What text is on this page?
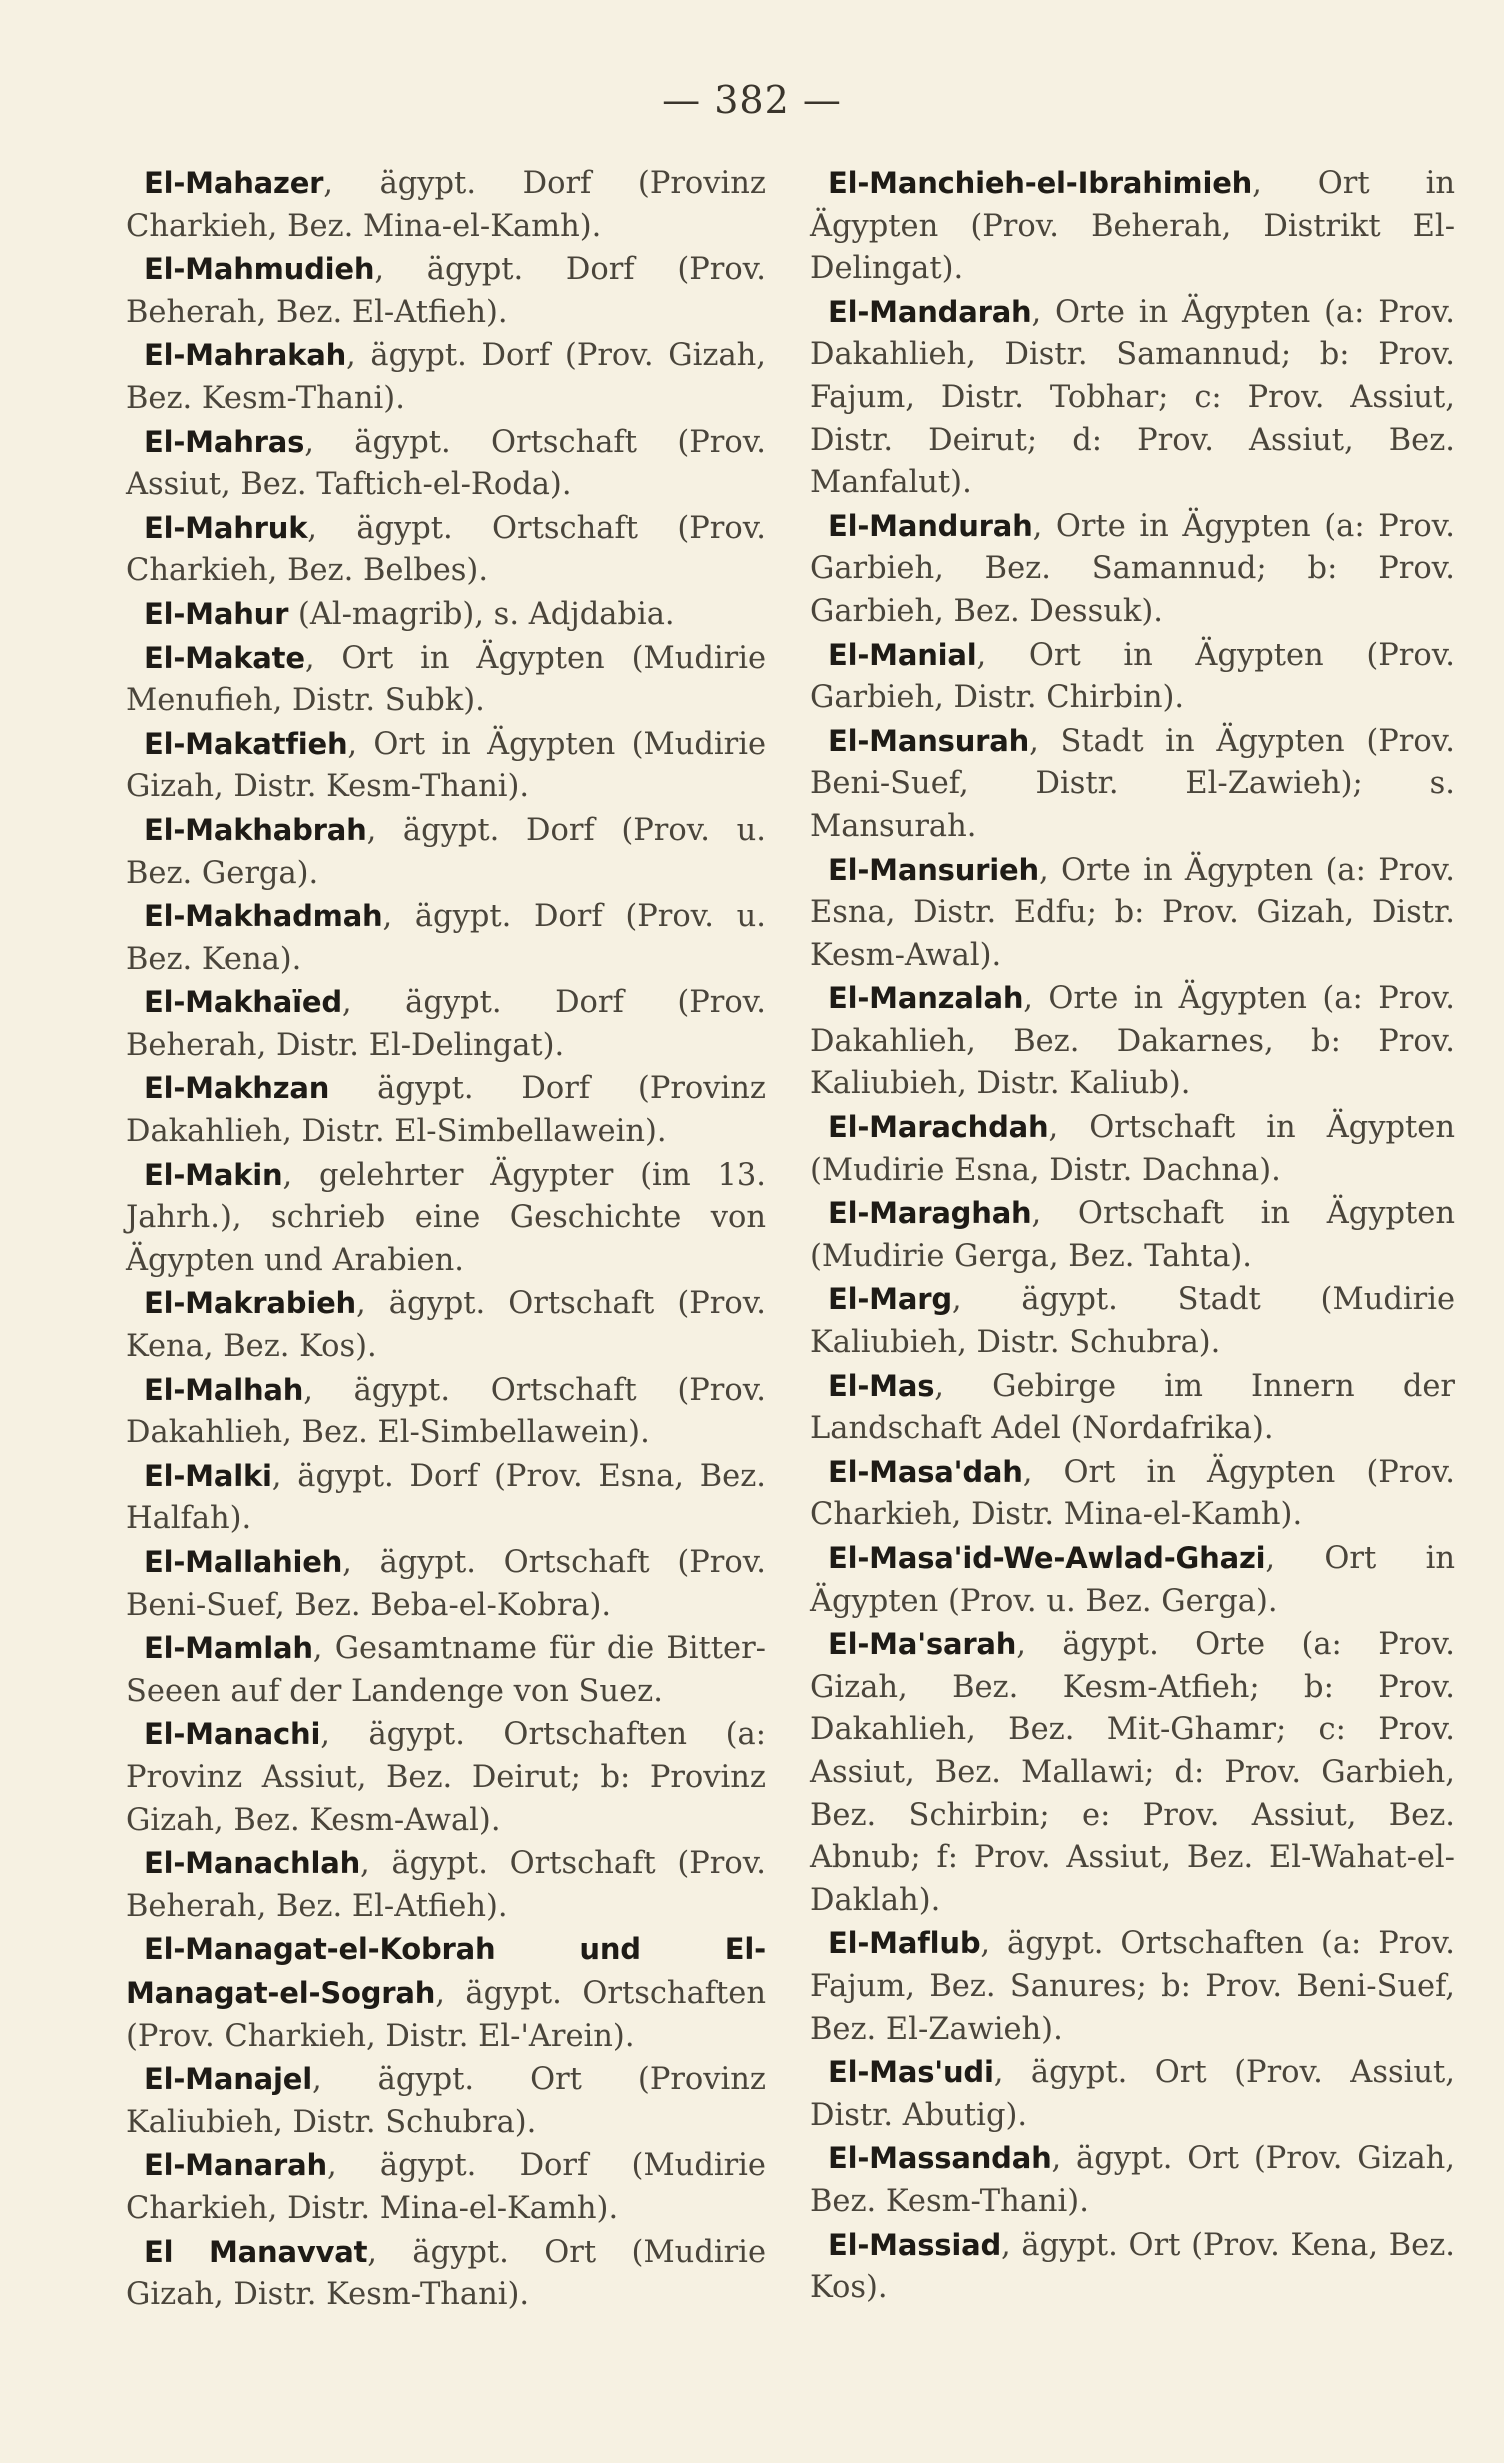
— 382 —

El-Mahazer, ägypt. Dorf (Provinz Charkieh, Bez. Mina-el-Kamh).

El-Mahmudieh, ägypt. Dorf (Prov. Beherah, Bez. El-Atfieh).

El-Mahrakah, ägypt. Dorf (Prov. Gizah, Bez. Kesm-Thani).

El-Mahras, ägypt. Ortschaft (Prov. Assiut, Bez. Taftich-el-Roda).

El-Mahruk, ägypt. Ortschaft (Prov. Charkieh, Bez. Belbes).

El-Mahur (Al-magrib), s. Adjdabia.

El-Makate, Ort in Ägypten (Mudirie Menufieh, Distr. Subk).

El-Makatfieh, Ort in Ägypten (Mudirie Gizah, Distr. Kesm-Thani).

El-Makhabrah, ägypt. Dorf (Prov. u. Bez. Gerga).

El-Makhadmah, ägypt. Dorf (Prov. u. Bez. Kena).

El-Makhaïed, ägypt. Dorf (Prov. Beherah, Distr. El-Delingat).

El-Makhzan ägypt. Dorf (Provinz Dakahlieh, Distr. El-Simbellawein).

El-Makin, gelehrter Ägypter (im 13. Jahrh.), schrieb eine Geschichte von Ägypten und Arabien.

El-Makrabieh, ägypt. Ortschaft (Prov. Kena, Bez. Kos).

El-Malhah, ägypt. Ortschaft (Prov. Dakahlieh, Bez. El-Simbellawein).

El-Malki, ägypt. Dorf (Prov. Esna, Bez. Halfah).

El-Mallahieh, ägypt. Ortschaft (Prov. Beni-Suef, Bez. Beba-el-Kobra).

El-Mamlah, Gesamtname für die Bitter-Seeen auf der Landenge von Suez.

El-Manachi, ägypt. Ortschaften (a: Provinz Assiut, Bez. Deirut; b: Provinz Gizah, Bez. Kesm-Awal).

El-Manachlah, ägypt. Ortschaft (Prov. Beherah, Bez. El-Atfieh).

El-Managat-el-Kobrah und El-Managat-el-Sograh, ägypt. Ortschaften (Prov. Charkieh, Distr. El-'Arein).

El-Manajel, ägypt. Ort (Provinz Kaliubieh, Distr. Schubra).

El-Manarah, ägypt. Dorf (Mudirie Charkieh, Distr. Mina-el-Kamh).

El Manavvat, ägypt. Ort (Mudirie Gizah, Distr. Kesm-Thani).

El-Manchieh-el-Ibrahimieh, Ort in Ägypten (Prov. Beherah, Distrikt El-Delingat).

El-Mandarah, Orte in Ägypten (a: Prov. Dakahlieh, Distr. Samannud; b: Prov. Fajum, Distr. Tobhar; c: Prov. Assiut, Distr. Deirut; d: Prov. Assiut, Bez. Manfalut).

El-Mandurah, Orte in Ägypten (a: Prov. Garbieh, Bez. Samannud; b: Prov. Garbieh, Bez. Dessuk).

El-Manial, Ort in Ägypten (Prov. Garbieh, Distr. Chirbin).

El-Mansurah, Stadt in Ägypten (Prov. Beni-Suef, Distr. El-Zawieh); s. Mansurah.

El-Mansurieh, Orte in Ägypten (a: Prov. Esna, Distr. Edfu; b: Prov. Gizah, Distr. Kesm-Awal).

El-Manzalah, Orte in Ägypten (a: Prov. Dakahlieh, Bez. Dakarnes, b: Prov. Kaliubieh, Distr. Kaliub).

El-Marachdah, Ortschaft in Ägypten (Mudirie Esna, Distr. Dachna).

El-Maraghah, Ortschaft in Ägypten (Mudirie Gerga, Bez. Tahta).

El-Marg, ägypt. Stadt (Mudirie Kaliubieh, Distr. Schubra).

El-Mas, Gebirge im Innern der Landschaft Adel (Nordafrika).

El-Masa'dah, Ort in Ägypten (Prov. Charkieh, Distr. Mina-el-Kamh).

El-Masa'id-We-Awlad-Ghazi, Ort in Ägypten (Prov. u. Bez. Gerga).

El-Ma'sarah, ägypt. Orte (a: Prov. Gizah, Bez. Kesm-Atfieh; b: Prov. Dakahlieh, Bez. Mit-Ghamr; c: Prov. Assiut, Bez. Mallawi; d: Prov. Garbieh, Bez. Schirbin; e: Prov. Assiut, Bez. Abnub; f: Prov. Assiut, Bez. El-Wahat-el-Daklah).

El-Maflub, ägypt. Ortschaften (a: Prov. Fajum, Bez. Sanures; b: Prov. Beni-Suef, Bez. El-Zawieh).

El-Mas'udi, ägypt. Ort (Prov. Assiut, Distr. Abutig).

El-Massandah, ägypt. Ort (Prov. Gizah, Bez. Kesm-Thani).

El-Massiad, ägypt. Ort (Prov. Kena, Bez. Kos).
